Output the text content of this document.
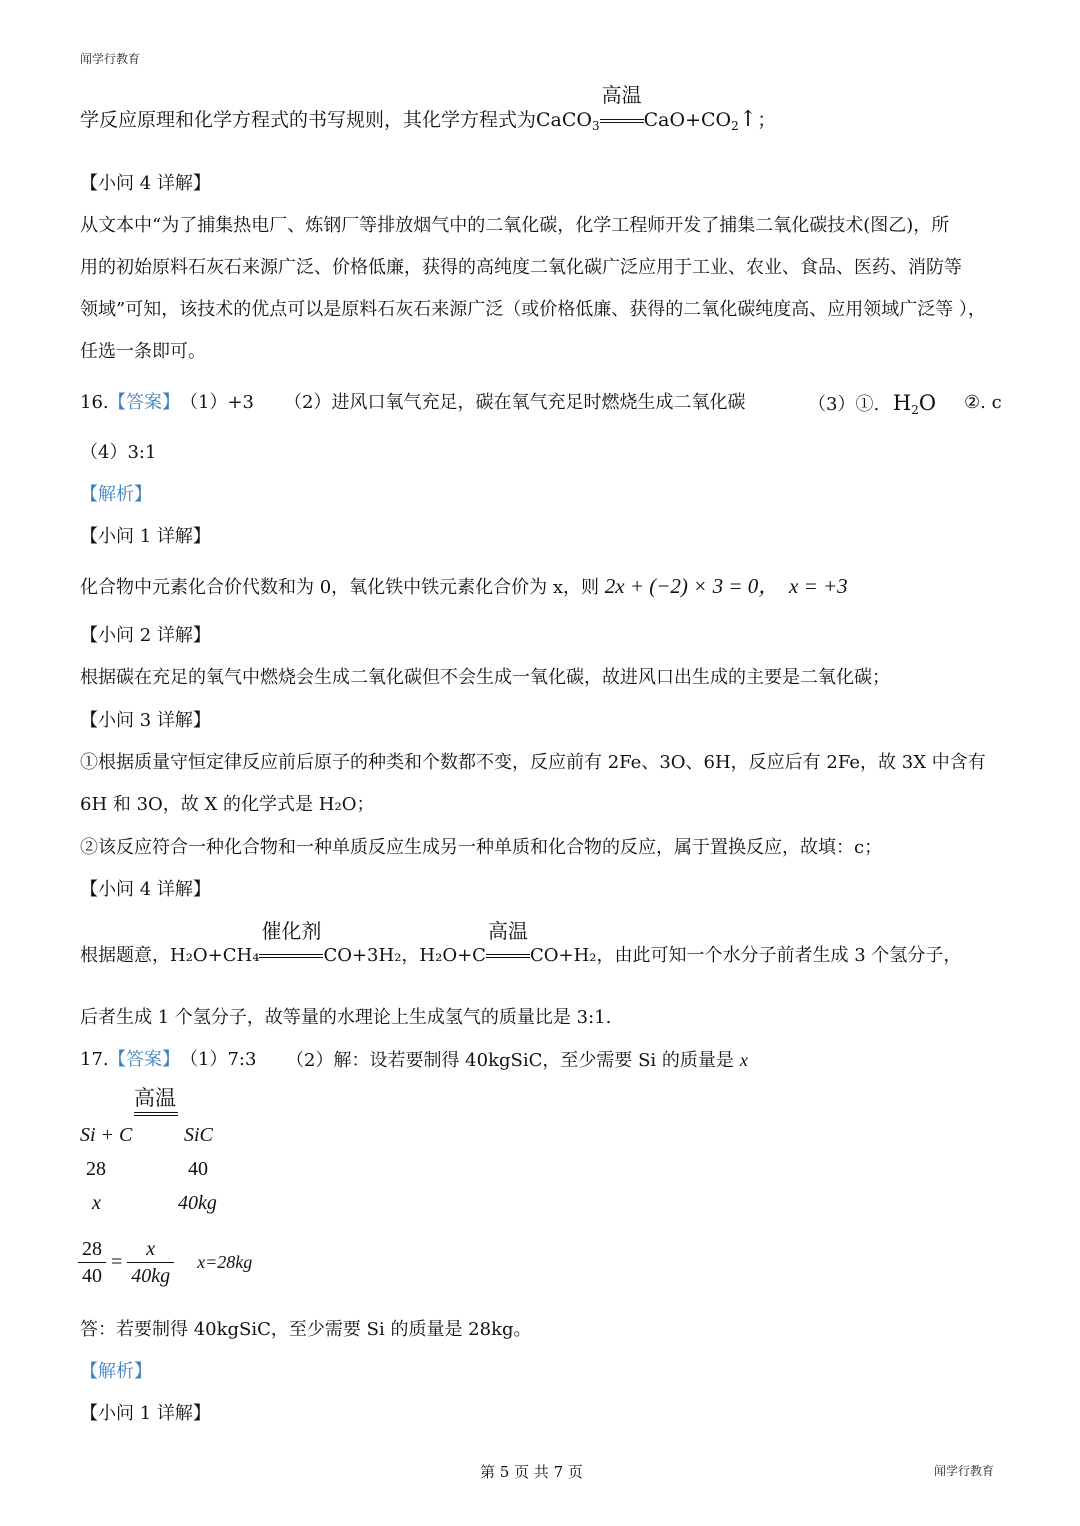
闻学行教育
学反应原理和化学方程式的书写规则，其化学方程式为CaCO$_3$
高温
$CaO+CO_2↑$；
【小问 4 详解】
从文本中“为了捕集热电厂、炼钢厂等排放烟气中的二氧化碳，化学工程师开发了捕集二氧化碳技术(图乙)，所
用的初始原料石灰石来源广泛、价格低廉，获得的高纯度二氧化碳广泛应用于工业、农业、食品、医药、消防等
领域”可知，该技术的优点可以是原料石灰石来源广泛（或价格低廉、获得的二氧化碳纯度高、应用领域广泛等 ），
任选一条即可。
16. 【答案】 （1）+3 （2）进风口氧气充足，碳在氧气充足时燃烧生成二氧化碳	（3）①. $H_2O$ ②. c
（4）3:1
【解析】
【小问 1 详解】
化合物中元素化合价代数和为 0，氧化铁中铁元素化合价为 x，则 2x + (−2) × 3 = 0， x = +3
【小问 2 详解】
根据碳在充足的氧气中燃烧会生成二氧化碳但不会生成一氧化碳，故进风口出生成的主要是二氧化碳；
【小问 3 详解】
①根据质量守恒定律反应前后原子的种类和个数都不变，反应前有 2Fe、3O、6H，反应后有 2Fe，故 3X 中含有
6H 和 3O，故 X 的化学式是 H₂O；
②该反应符合一种化合物和一种单质反应生成另一种单质和化合物的反应，属于置换反应，故填：c；
【小问 4 详解】
根据题意，H₂O+CH₄
催化剂
CO+3H₂，H₂O+C
高温
CO+H₂，由此可知一个水分子前者生成 3 个氢分子，
后者生成 1 个氢分子，故等量的水理论上生成氢气的质量比是 3:1.
17. 【答案】 （1）7:3 （2）解：设若要制得 40kgSiC，至少需要 Si 的质量是 x
高温
Si + C	SiC
28	40
x	40kg
$\frac{28}{40} = \frac{x}{40kg} x=28kg$
答：若要制得 40kgSiC，至少需要 Si 的质量是 28kg。
【解析】
【小问 1 详解】
第 5 页 共 7 页	闻学行教育
